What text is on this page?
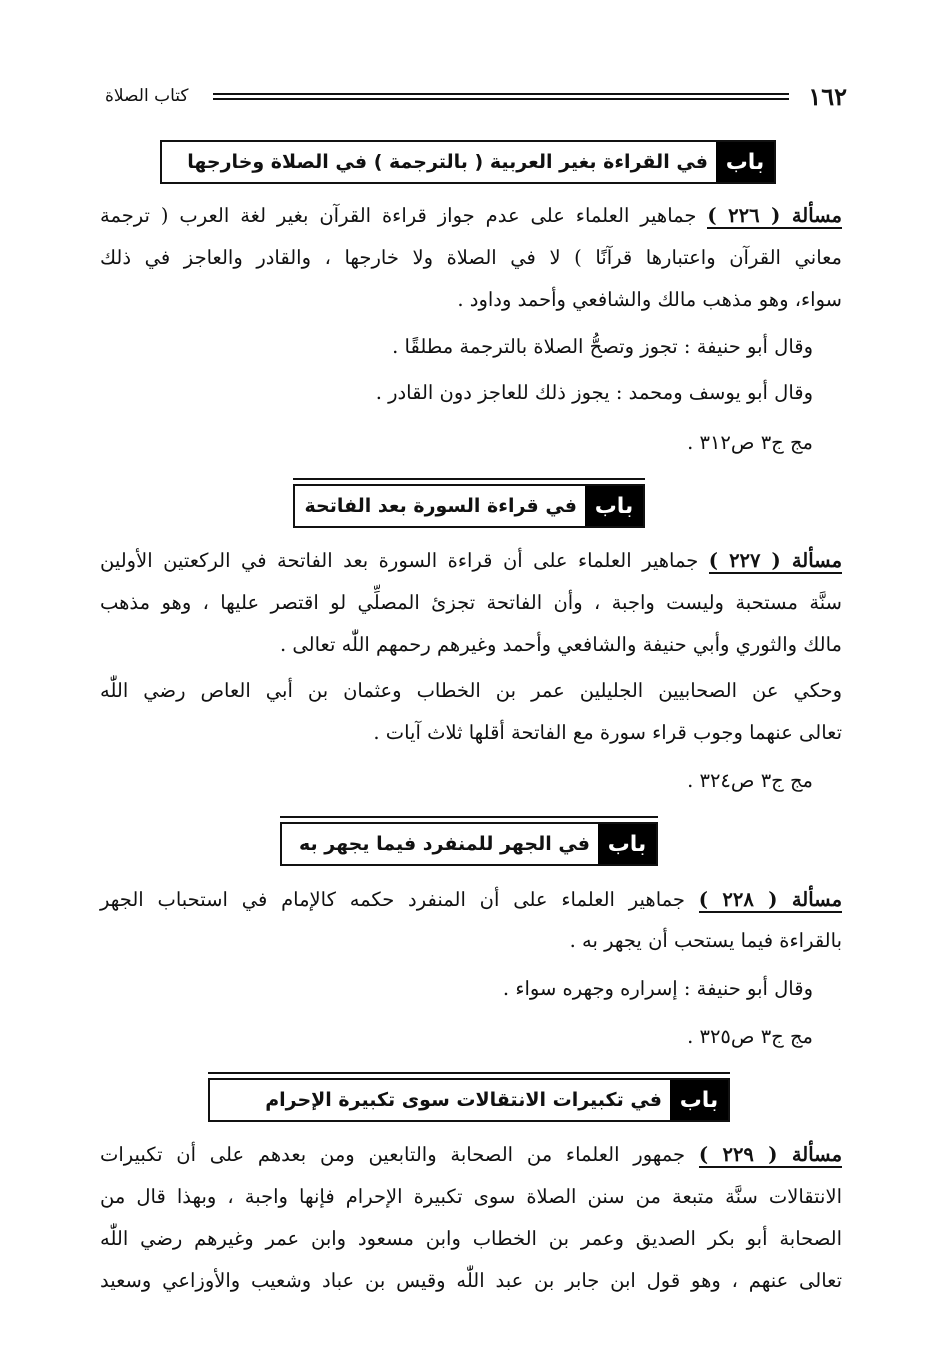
١٦٢
كتاب الصلاة
باب
في القراءة بغير العربية ( بالترجمة ) في الصلاة وخارجها
مسألة ( ٢٢٦ ) جماهير العلماء على عدم جواز قراءة القرآن بغير لغة العرب ( ترجمة
معاني القرآن واعتبارها قرآنًا ) لا في الصلاة ولا خارجها ، والقادر والعاجز في ذلك
سواء، وهو مذهب مالك والشافعي وأحمد وداود .
وقال أبو حنيفة : تجوز وتصحُّ الصلاة بالترجمة مطلقًا .
وقال أبو يوسف ومحمد : يجوز ذلك للعاجز دون القادر .
مج ج٣ ص٣١٢ .
باب
في قراءة السورة بعد الفاتحة
مسألة ( ٢٢٧ ) جماهير العلماء على أن قراءة السورة بعد الفاتحة في الركعتين الأولين
سنَّة مستحبة وليست واجبة ، وأن الفاتحة تجزئ المصلِّي لو اقتصر عليها ، وهو مذهب
مالك والثوري وأبي حنيفة والشافعي وأحمد وغيرهم رحمهم اللّٰه تعالى .
وحكي عن الصحابيين الجليلين عمر بن الخطاب وعثمان بن أبي العاص رضي اللّٰه
تعالى عنهما وجوب قراء سورة مع الفاتحة أقلها ثلاث آيات .
مج ج٣ ص٣٢٤ .
باب
في الجهر للمنفرد فيما يجهر به
مسألة ( ٢٢٨ ) جماهير العلماء على أن المنفرد حكمه كالإمام في استحباب الجهر
بالقراءة فيما يستحب أن يجهر به .
وقال أبو حنيفة : إسراره وجهره سواء .
مج ج٣ ص٣٢٥ .
باب
في تكبيرات الانتقالات سوى تكبيرة الإحرام
مسألة ( ٢٢٩ ) جمهور العلماء من الصحابة والتابعين ومن بعدهم على أن تكبيرات
الانتقالات سنَّة متبعة من سنن الصلاة سوى تكبيرة الإحرام فإنها واجبة ، وبهذا قال من
الصحابة أبو بكر الصديق وعمر بن الخطاب وابن مسعود وابن عمر وغيرهم رضي اللّٰه
تعالى عنهم ، وهو قول ابن جابر بن عبد اللّٰه وقيس بن عباد وشعيب والأوزاعي وسعيد
